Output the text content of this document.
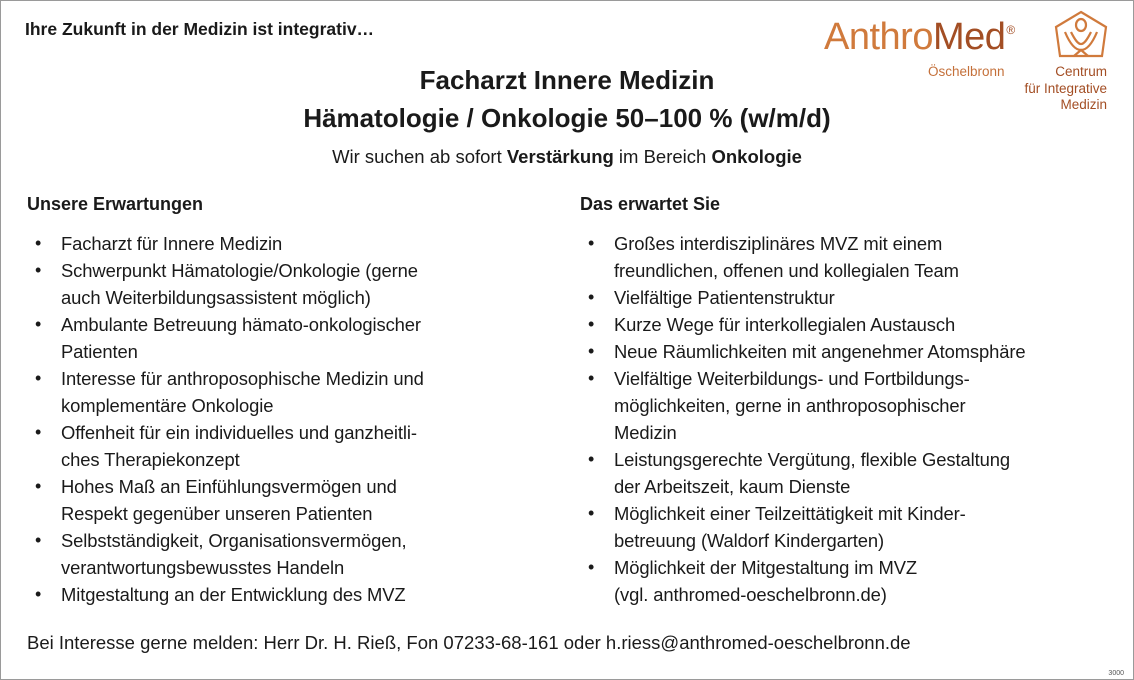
Ihre Zukunft in der Medizin ist integrativ…	AnthroMed®
Öschelbronn	Centrum
für Integrative
Medizin
Facharzt Innere Medizin
Hämatologie / Onkologie 50–100 % (w/m/d)
Wir suchen ab sofort Verstärkung im Bereich Onkologie
Unsere Erwartungen
• Facharzt für Innere Medizin
• Schwerpunkt Hämatologie/Onkologie (gerne
auch Weiterbildungsassistent möglich)
• Ambulante Betreuung hämato-onkologischer
Patienten
• Interesse für anthroposophische Medizin und
komplementäre Onkologie
• Offenheit für ein individuelles und ganzheitli-
ches Therapiekonzept
• Hohes Maß an Einfühlungsvermögen und
Respekt gegenüber unseren Patienten
• Selbstständigkeit, Organisationsvermögen,
verantwortungsbewusstes Handeln
• Mitgestaltung an der Entwicklung des MVZ
Das erwartet Sie
• Großes interdisziplinäres MVZ mit einem
freundlichen, offenen und kollegialen Team
• Vielfältige Patientenstruktur
• Kurze Wege für interkollegialen Austausch
• Neue Räumlichkeiten mit angenehmer Atomsphäre
• Vielfältige Weiterbildungs- und Fortbildungs-
möglichkeiten, gerne in anthroposophischer
Medizin
• Leistungsgerechte Vergütung, flexible Gestaltung
der Arbeitszeit, kaum Dienste
• Möglichkeit einer Teilzeittätigkeit mit Kinder-
betreuung (Waldorf Kindergarten)
• Möglichkeit der Mitgestaltung im MVZ
(vgl. anthromed-oeschelbronn.de)
Bei Interesse gerne melden: Herr Dr. H. Rieß, Fon 07233-68-161 oder h.riess@anthromed-oeschelbronn.de
3000
